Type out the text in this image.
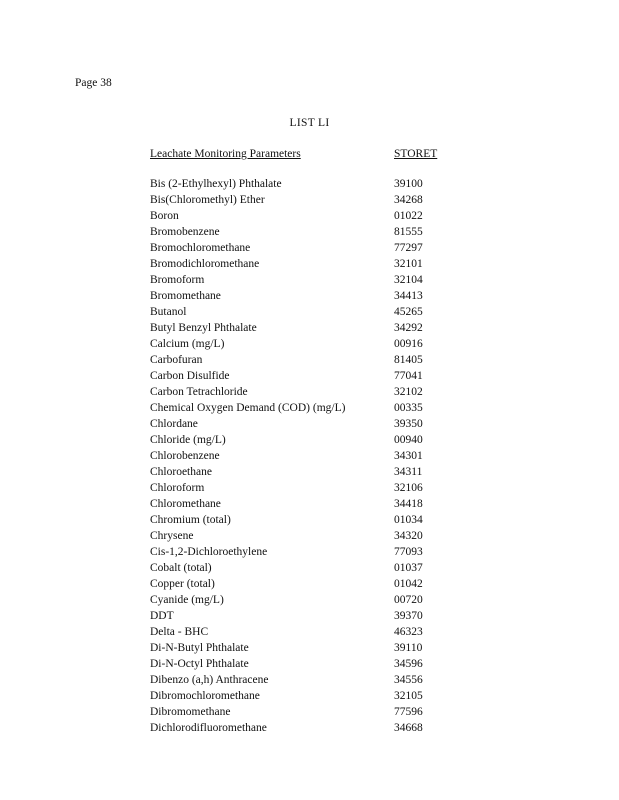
Page 38

LIST LI
Leachate Monitoring Parameters	STORET

Bis (2-Ethylhexyl) Phthalate	39100
Bis(Chloromethyl) Ether	34268
Boron	01022
Bromobenzene	81555
Bromochloromethane	77297
Bromodichloromethane	32101
Bromoform	32104
Bromomethane	34413
Butanol	45265
Butyl Benzyl Phthalate	34292
Calcium (mg/L)	00916
Carbofuran	81405
Carbon Disulfide	77041
Carbon Tetrachloride	32102
Chemical Oxygen Demand (COD) (mg/L)	00335
Chlordane	39350
Chloride (mg/L)	00940
Chlorobenzene	34301
Chloroethane	34311
Chloroform	32106
Chloromethane	34418
Chromium (total)	01034
Chrysene	34320
Cis-1,2-Dichloroethylene	77093
Cobalt (total)	01037
Copper (total)	01042
Cyanide (mg/L)	00720
DDT	39370
Delta - BHC	46323
Di-N-Butyl Phthalate	39110
Di-N-Octyl Phthalate	34596
Dibenzo (a,h) Anthracene	34556
Dibromochloromethane	32105
Dibromomethane	77596
Dichlorodifluoromethane	34668
